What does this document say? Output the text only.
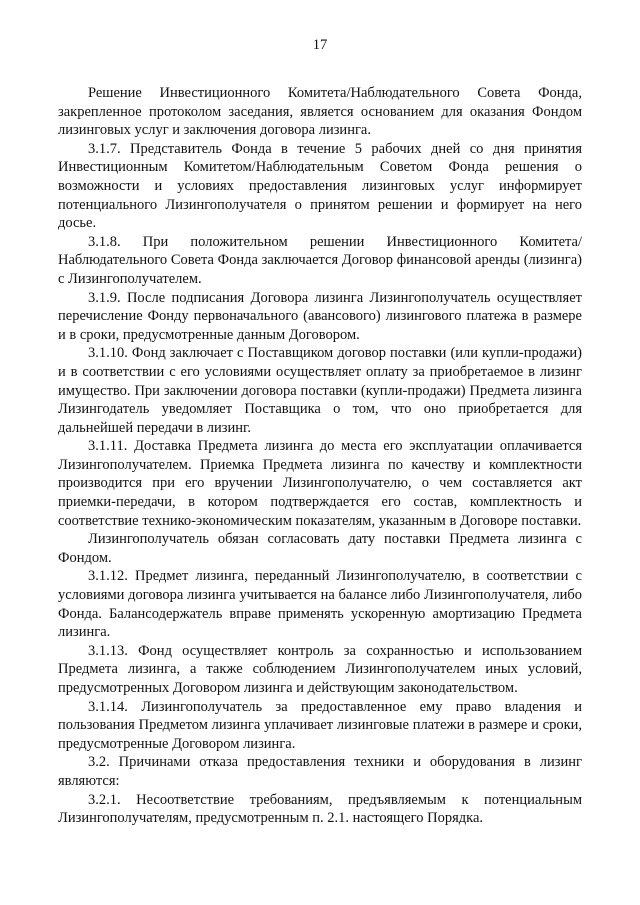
17

Решение Инвестиционного Комитета/Наблюдательного Совета Фонда, закрепленное протоколом заседания, является основанием для оказания Фондом лизинговых услуг и заключения договора лизинга.

3.1.7. Представитель Фонда в течение 5 рабочих дней со дня принятия Инвестиционным Комитетом/Наблюдательным Советом Фонда решения о возможности и условиях предоставления лизинговых услуг информирует потенциального Лизингополучателя о принятом решении и формирует на него досье.

3.1.8. При положительном решении Инвестиционного Комитета/Наблюдательного Совета Фонда заключается Договор финансовой аренды (лизинга) с Лизингополучателем.

3.1.9. После подписания Договора лизинга Лизингополучатель осуществляет перечисление Фонду первоначального (авансового) лизингового платежа в размере и в сроки, предусмотренные данным Договором.

3.1.10. Фонд заключает с Поставщиком договор поставки (или купли-продажи) и в соответствии с его условиями осуществляет оплату за приобретаемое в лизинг имущество. При заключении договора поставки (купли-продажи) Предмета лизинга Лизингодатель уведомляет Поставщика о том, что оно приобретается для дальнейшей передачи в лизинг.

3.1.11. Доставка Предмета лизинга до места его эксплуатации оплачивается Лизингополучателем. Приемка Предмета лизинга по качеству и комплектности производится при его вручении Лизингополучателю, о чем составляется акт приемки-передачи, в котором подтверждается его состав, комплектность и соответствие технико-экономическим показателям, указанным в Договоре поставки.

Лизингополучатель обязан согласовать дату поставки Предмета лизинга с Фондом.

3.1.12. Предмет лизинга, переданный Лизингополучателю, в соответствии с условиями договора лизинга учитывается на балансе либо Лизингополучателя, либо Фонда. Балансодержатель вправе применять ускоренную амортизацию Предмета лизинга.

3.1.13. Фонд осуществляет контроль за сохранностью и использованием Предмета лизинга, а также соблюдением Лизингополучателем иных условий, предусмотренных Договором лизинга и действующим законодательством.

3.1.14. Лизингополучатель за предоставленное ему право владения и пользования Предметом лизинга уплачивает лизинговые платежи в размере и сроки, предусмотренные Договором лизинга.

3.2. Причинами отказа предоставления техники и оборудования в лизинг являются:

3.2.1. Несоответствие требованиям, предъявляемым к потенциальным Лизингополучателям, предусмотренным п. 2.1. настоящего Порядка.
